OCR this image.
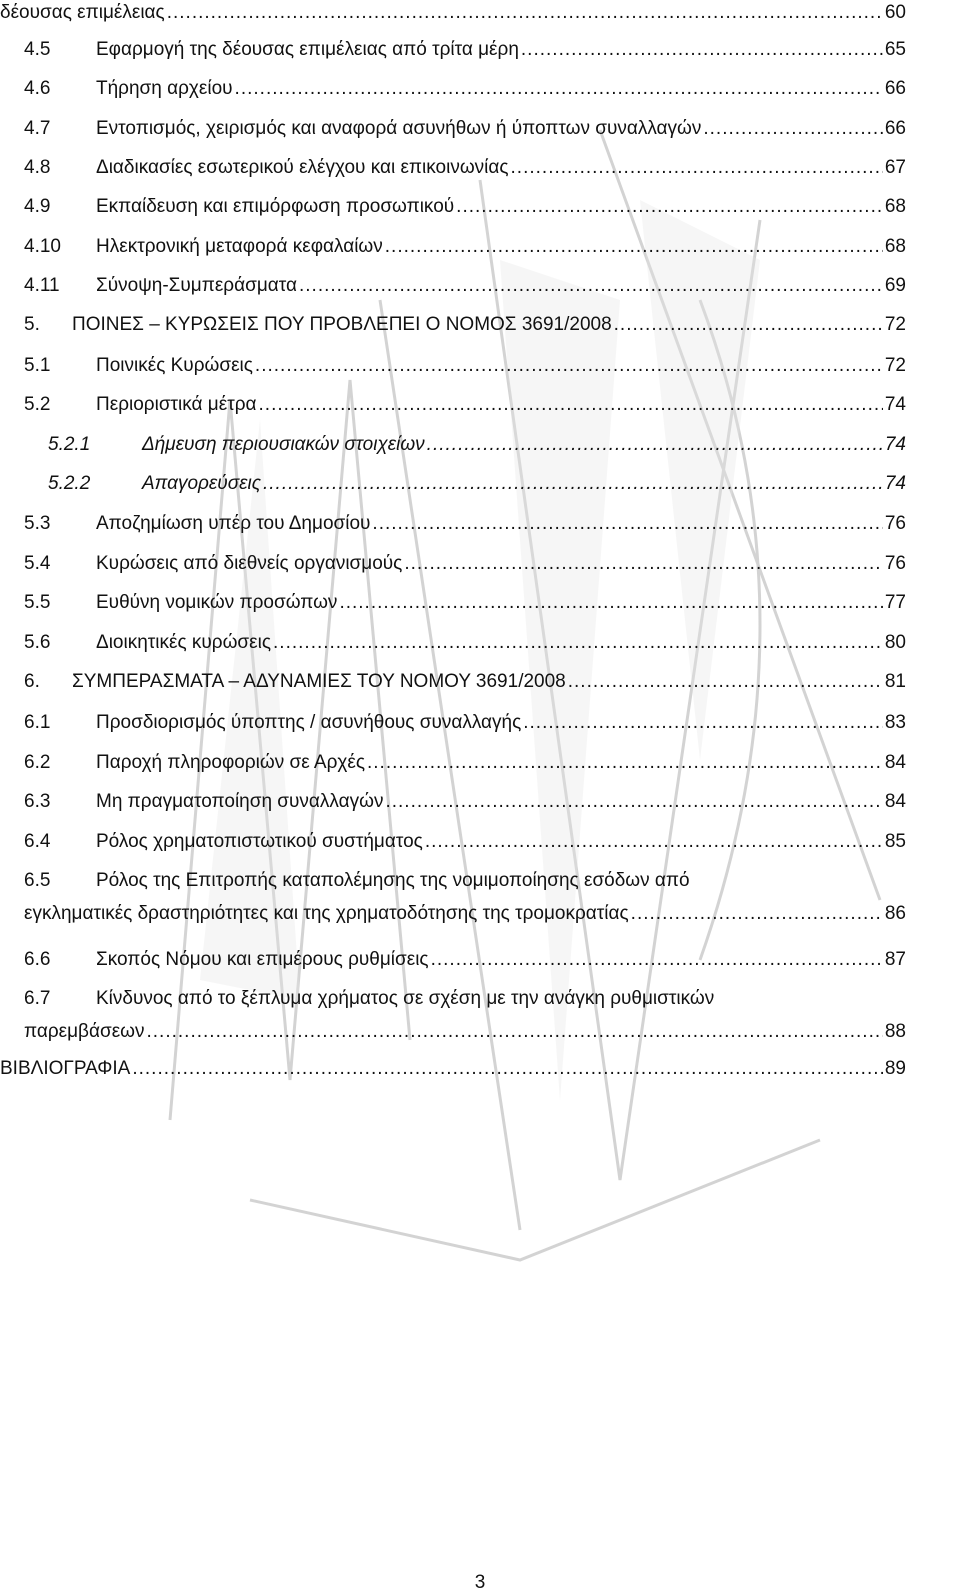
δέουσας επιμέλειας .....	60
4.5	Εφαρμογή της δέουσας επιμέλειας από τρίτα μέρη .....	65
4.6	Τήρηση αρχείου .....	66
4.7	Εντοπισμός, χειρισμός και αναφορά ασυνήθων ή ύποπτων συναλλαγών .....	66
4.8	Διαδικασίες εσωτερικού ελέγχου και επικοινωνίας .....	67
4.9	Εκπαίδευση και επιμόρφωση προσωπικού .....	68
4.10	Ηλεκτρονική μεταφορά κεφαλαίων .....	68
4.11	Σύνοψη-Συμπεράσματα .....	69
5.	ΠΟΙΝΕΣ – ΚΥΡΩΣΕΙΣ ΠΟΥ ΠΡΟΒΛΕΠΕΙ Ο ΝΟΜΟΣ 3691/2008 .....	72
5.1	Ποινικές Κυρώσεις .....	72
5.2	Περιοριστικά μέτρα .....	74
5.2.1	Δήμευση περιουσιακών στοιχείων .....	74
5.2.2	Απαγορεύσεις .....	74
5.3	Αποζημίωση υπέρ του Δημοσίου .....	76
5.4	Κυρώσεις από διεθνείς οργανισμούς .....	76
5.5	Ευθύνη νομικών προσώπων .....	77
5.6	Διοικητικές κυρώσεις .....	80
6.	ΣΥΜΠΕΡΑΣΜΑΤΑ – ΑΔΥΝΑΜΙΕΣ ΤΟΥ ΝΟΜΟΥ 3691/2008 .....	81
6.1	Προσδιορισμός ύποπτης / ασυνήθους συναλλαγής .....	83
6.2	Παροχή πληροφοριών σε Αρχές .....	84
6.3	Μη πραγματοποίηση συναλλαγών .....	84
6.4	Ρόλος χρηματοπιστωτικού συστήματος .....	85
6.5	Ρόλος της Επιτροπής καταπολέμησης της νομιμοποίησης εσόδων από
εγκληματικές δραστηριότητες και της χρηματοδότησης της τρομοκρατίας .....	86
6.6	Σκοπός Νόμου και επιμέρους ρυθμίσεις .....	87
6.7	Κίνδυνος από το ξέπλυμα χρήματος σε σχέση με την ανάγκη ρυθμιστικών
παρεμβάσεων .....	88
ΒΙΒΛΙΟΓΡΑΦΙΑ .....	89
3
